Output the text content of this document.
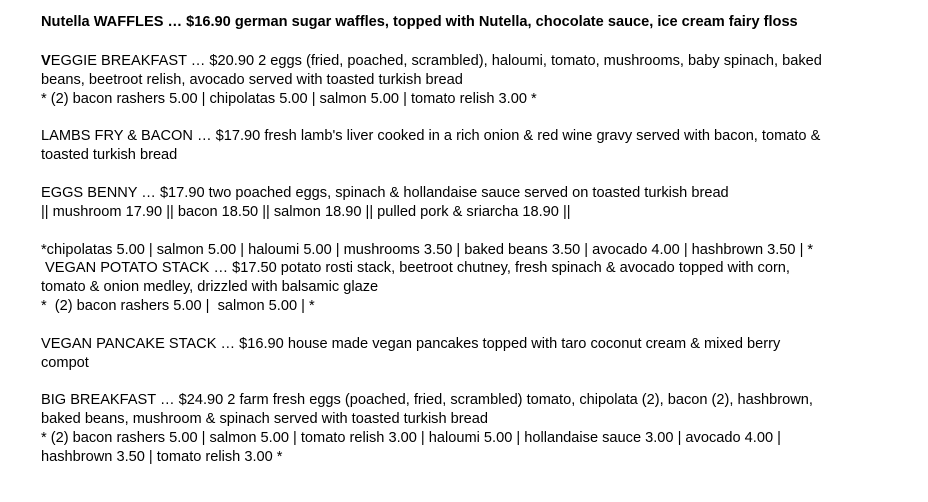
Nutella WAFFLES … $16.90 german sugar waffles, topped with Nutella, chocolate sauce, ice cream fairy floss
VEGGIE BREAKFAST … $20.90 2 eggs (fried, poached, scrambled), haloumi, tomato, mushrooms, baby spinach, baked
beans, beetroot relish, avocado served with toasted turkish bread
* (2) bacon rashers 5.00 | chipolatas 5.00 | salmon 5.00 | tomato relish 3.00 *
LAMBS FRY & BACON … $17.90 fresh lamb's liver cooked in a rich onion & red wine gravy served with bacon, tomato &
toasted turkish bread
EGGS BENNY … $17.90 two poached eggs, spinach & hollandaise sauce served on toasted turkish bread
|| mushroom 17.90 || bacon 18.50 || salmon 18.90 || pulled pork & sriarcha 18.90 ||
*chipolatas 5.00 | salmon 5.00 | haloumi 5.00 | mushrooms 3.50 | baked beans 3.50 | avocado 4.00 | hashbrown 3.50 | *
VEGAN POTATO STACK … $17.50 potato rosti stack, beetroot chutney, fresh spinach & avocado topped with corn,
tomato & onion medley, drizzled with balsamic glaze
*  (2) bacon rashers 5.00 |  salmon 5.00 | *
VEGAN PANCAKE STACK … $16.90 house made vegan pancakes topped with taro coconut cream & mixed berry
compot
BIG BREAKFAST … $24.90 2 farm fresh eggs (poached, fried, scrambled) tomato, chipolata (2), bacon (2), hashbrown,
baked beans, mushroom & spinach served with toasted turkish bread
* (2) bacon rashers 5.00 | salmon 5.00 | tomato relish 3.00 | haloumi 5.00 | hollandaise sauce 3.00 | avocado 4.00 |
hashbrown 3.50 | tomato relish 3.00 *
